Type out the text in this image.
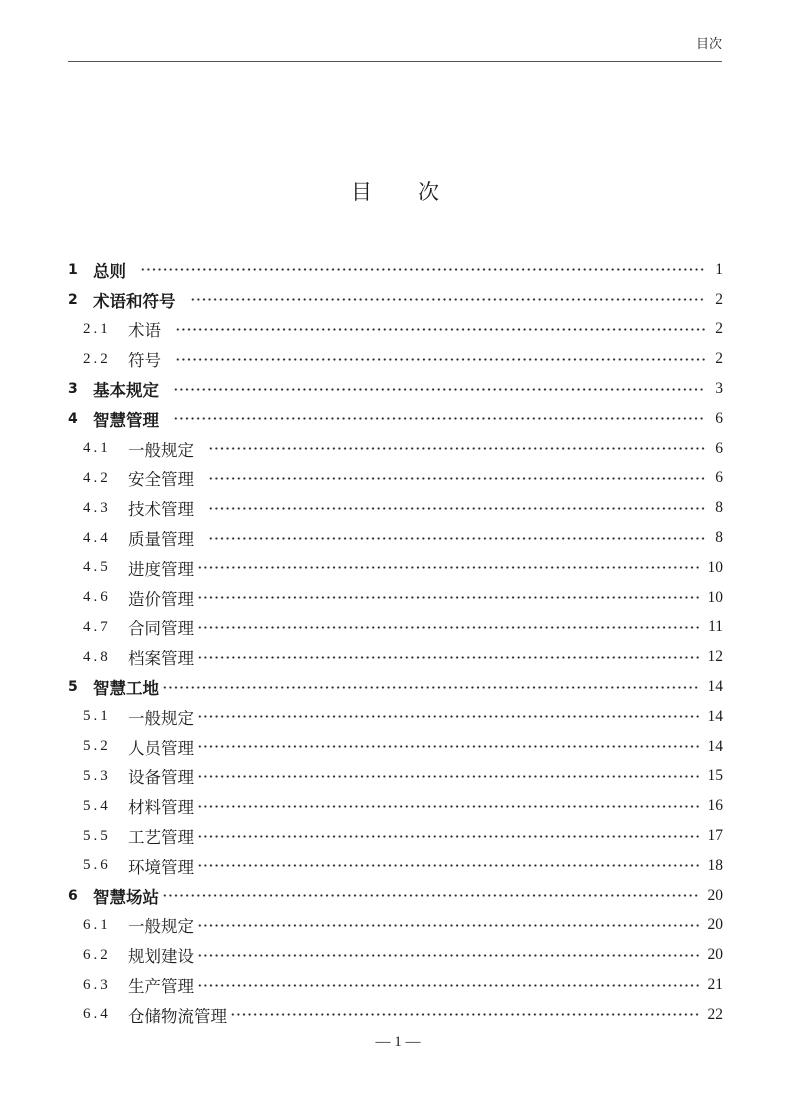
目次
目次
1 总则	1
2 术语和符号	2
2.1	术语	2
2.2	符号	2
3 基本规定	3
4 智慧管理	6
4.1	一般规定	6
4.2	安全管理	6
4.3	技术管理	8
4.4	质量管理	8
4.5	进度管理	10
4.6	造价管理	10
4.7	合同管理	11
4.8	档案管理	12
5 智慧工地	14
5.1	一般规定	14
5.2	人员管理	14
5.3	设备管理	15
5.4	材料管理	16
5.5	工艺管理	17
5.6	环境管理	18
6 智慧场站	20
6.1	一般规定	20
6.2	规划建设	20
6.3	生产管理	21
6.4	仓储物流管理	22
— 1 —
